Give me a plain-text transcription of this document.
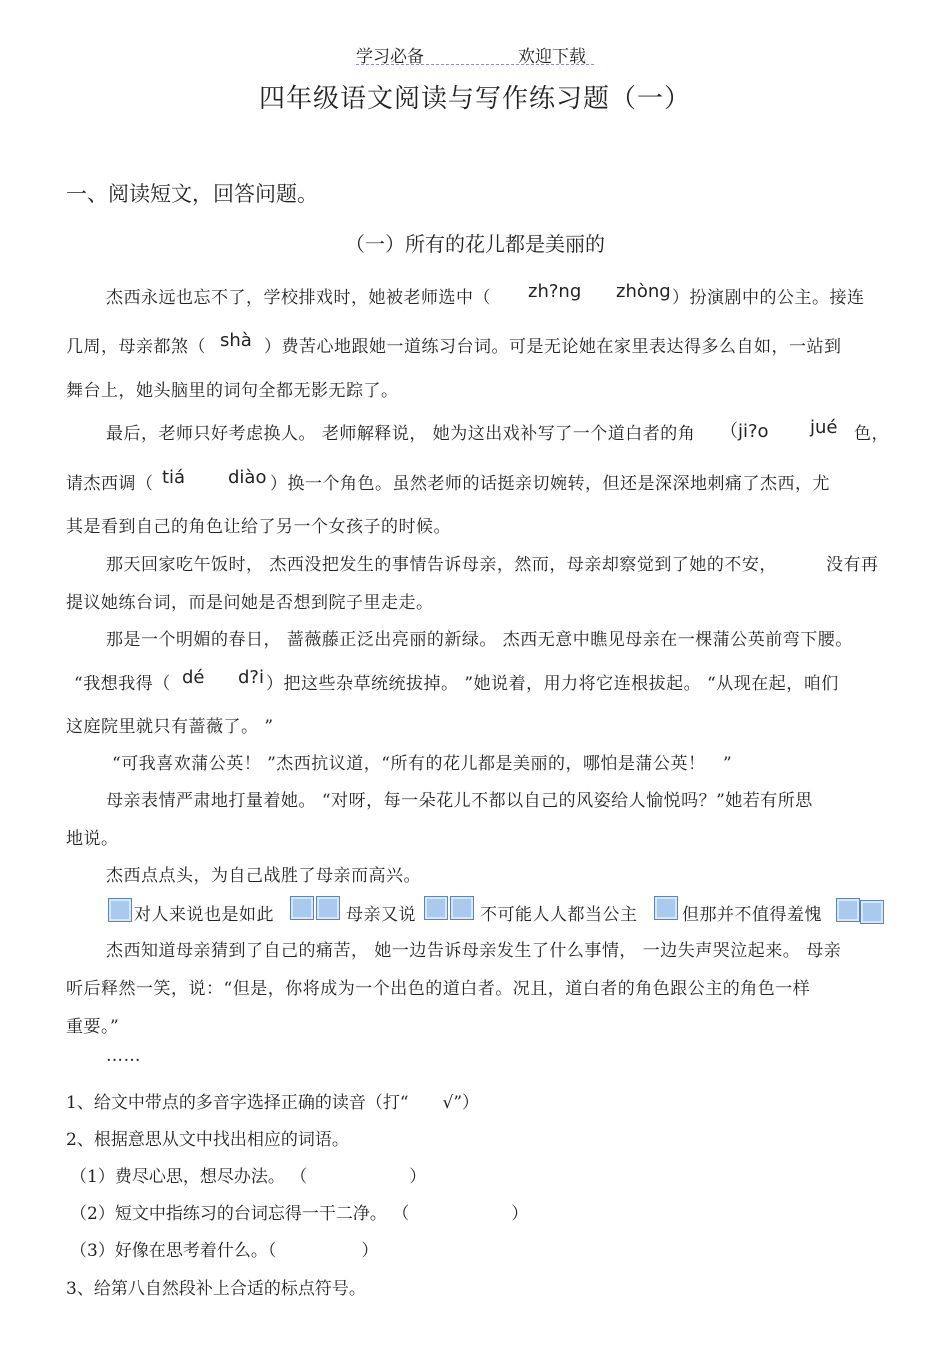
学习必备	欢迎下载
四年级语文阅读与写作练习题（一）
一、阅读短文，回答问题。
（一）所有的花儿都是美丽的
杰西永远也忘不了，学校排戏时，她被老师选中（ zh?ng zhòng ）扮演剧中的公主。接连
几周，母亲都煞（ shà ）费苦心地跟她一道练习台词。可是无论她在家里表达得多么自如，一站到
舞台上，她头脑里的词句全都无影无踪了。
最后，老师只好考虑换人。 老师解释说， 她为这出戏补写了一个道白者的角 （ji?o jué 色，
请杰西调（ tiá diào ）换一个角色。虽然老师的话挺亲切婉转，但还是深深地刺痛了杰西，尤
其是看到自己的角色让给了另一个女孩子的时候。
那天回家吃午饭时， 杰西没把发生的事情告诉母亲，然而，母亲却察觉到了她的不安，	没有再
提议她练台词，而是问她是否想到院子里走走。
那是一个明媚的春日， 蔷薇藤正泛出亮丽的新绿。 杰西无意中瞧见母亲在一棵蒲公英前弯下腰。
“我想我得（ dé d?i ）把这些杂草统统拔掉。 ”她说着，用力将它连根拔起。 “从现在起，咱们
这庭院里就只有蔷薇了。 ”
“可我喜欢蒲公英！ ”杰西抗议道，“所有的花儿都是美丽的，哪怕是蒲公英！　”
母亲表情严肃地打量着她。 “对呀，每一朵花儿不都以自己的风姿给人愉悦吗？”她若有所思
地说。
杰西点点头，为自己战胜了母亲而高兴。
对人来说也是如此	母亲又说	不可能人人都当公主	但那并不值得羞愧
杰西知道母亲猜到了自己的痛苦， 她一边告诉母亲发生了什么事情， 一边失声哭泣起来。 母亲
听后释然一笑，说：“但是，你将成为一个出色的道白者。况且，道白者的角色跟公主的角色一样
重要。”
……
1、给文中带点的多音字选择正确的读音（打“　　√”）
2、根据意思从文中找出相应的词语。
（1）费尽心思，想尽办法。 （　　　　　　）
（2）短文中指练习的台词忘得一干二净。 （　　　　　　）
（3）好像在思考着什么。（　　　　　）
3、给第八自然段补上合适的标点符号。
